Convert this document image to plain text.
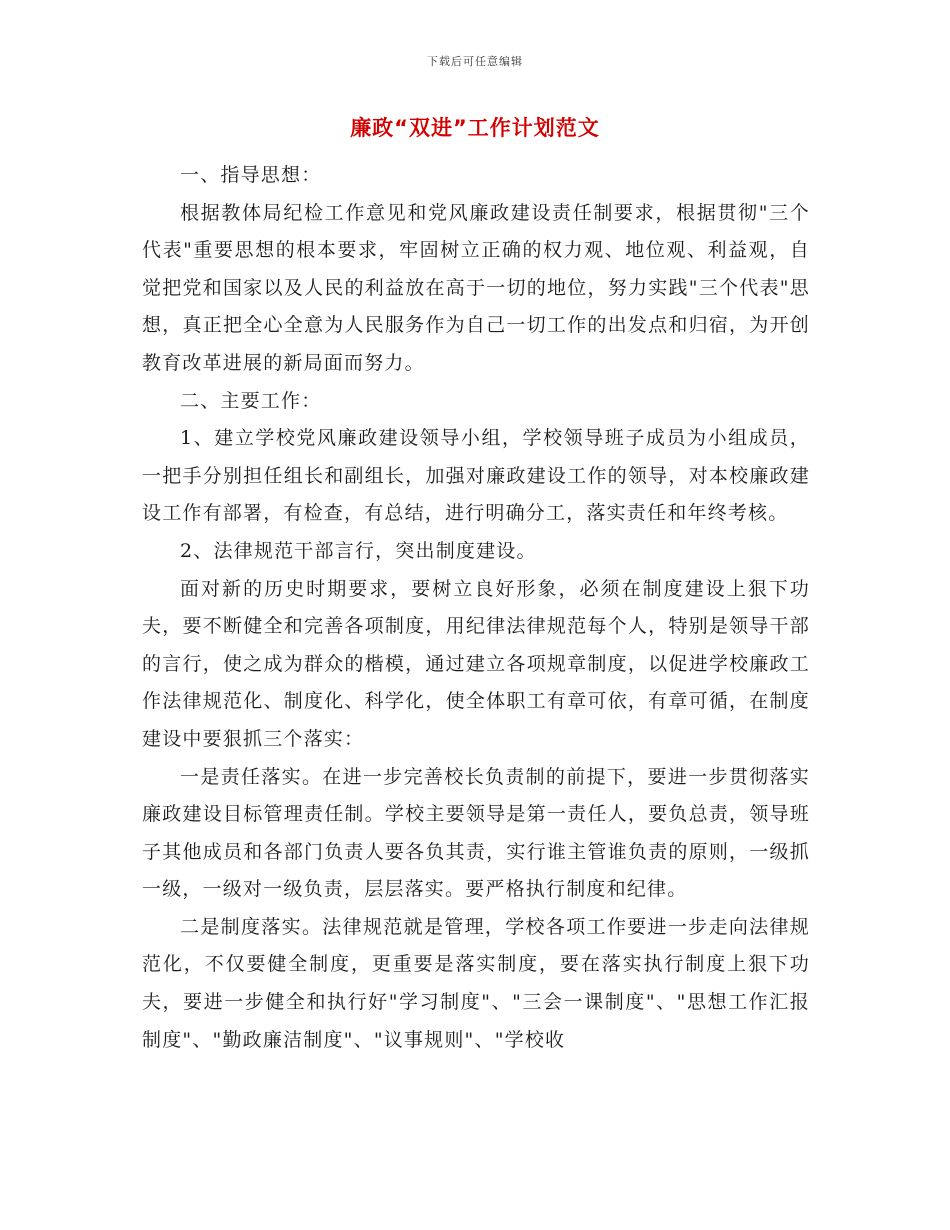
下载后可任意编辑
廉政“双进”工作计划范文

一、指导思想：

根据教体局纪检工作意见和党风廉政建设责任制要求，根据贯彻"三个代表"重要思想的根本要求，牢固树立正确的权力观、地位观、利益观，自觉把党和国家以及人民的利益放在高于一切的地位，努力实践"三个代表"思想，真正把全心全意为人民服务作为自己一切工作的出发点和归宿，为开创教育改革进展的新局面而努力。

二、主要工作：

1、建立学校党风廉政建设领导小组，学校领导班子成员为小组成员，一把手分别担任组长和副组长，加强对廉政建设工作的领导，对本校廉政建设工作有部署，有检查，有总结，进行明确分工，落实责任和年终考核。

2、法律规范干部言行，突出制度建设。

面对新的历史时期要求，要树立良好形象，必须在制度建设上狠下功夫，要不断健全和完善各项制度，用纪律法律规范每个人，特别是领导干部的言行，使之成为群众的楷模，通过建立各项规章制度，以促进学校廉政工作法律规范化、制度化、科学化，使全体职工有章可依，有章可循，在制度建设中要狠抓三个落实：

一是责任落实。在进一步完善校长负责制的前提下，要进一步贯彻落实廉政建设目标管理责任制。学校主要领导是第一责任人，要负总责，领导班子其他成员和各部门负责人要各负其责，实行谁主管谁负责的原则，一级抓一级，一级对一级负责，层层落实。要严格执行制度和纪律。

二是制度落实。法律规范就是管理，学校各项工作要进一步走向法律规范化，不仅要健全制度，更重要是落实制度，要在落实执行制度上狠下功夫，要进一步健全和执行好"学习制度"、"三会一课制度"、"思想工作汇报制度"、"勤政廉洁制度"、"议事规则"、"学校收
